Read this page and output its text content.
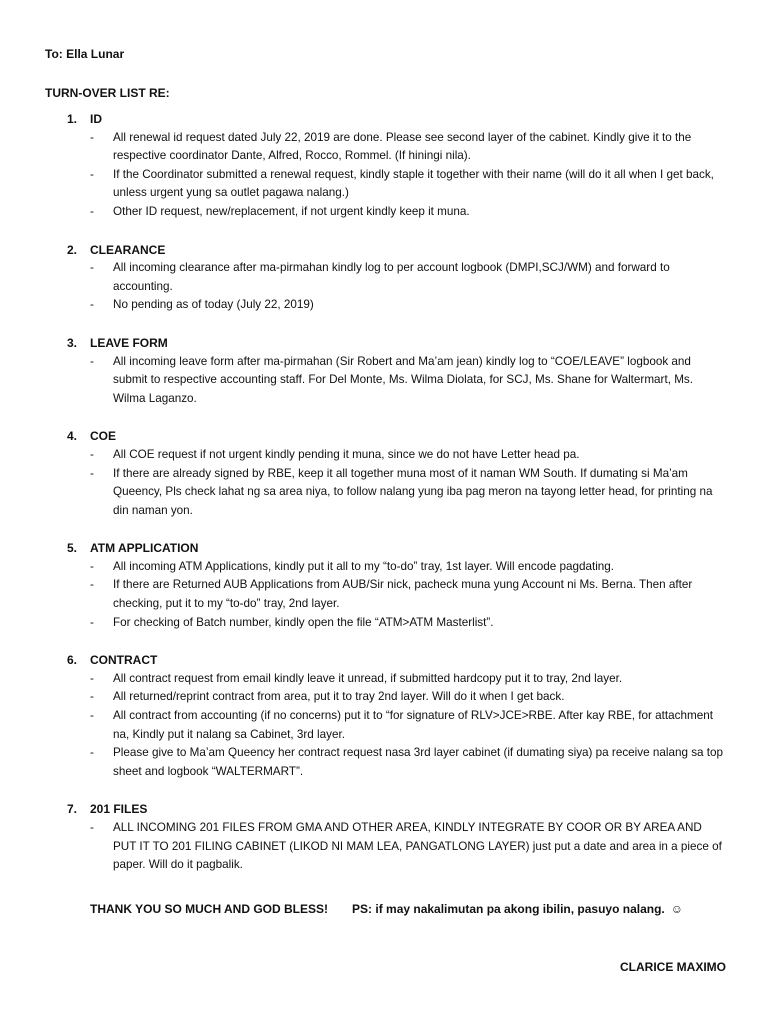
To: Ella Lunar
TURN-OVER LIST RE:
1.	ID
-	All renewal id request dated July 22, 2019 are done. Please see second layer of the cabinet. Kindly give it to the respective coordinator Dante, Alfred, Rocco, Rommel. (If hiningi nila).
-	If the Coordinator submitted a renewal request, kindly staple it together with their name (will do it all when I get back, unless urgent yung sa outlet pagawa nalang.)
-	Other ID request, new/replacement, if not urgent kindly keep it muna.
2.	CLEARANCE
-	All incoming clearance after ma-pirmahan kindly log to per account logbook (DMPI,SCJ/WM) and forward to accounting.
-	No pending as of today (July 22, 2019)
3.	LEAVE FORM
-	All incoming leave form after ma-pirmahan (Sir Robert and Ma’am jean) kindly log to “COE/LEAVE” logbook and submit to respective accounting staff. For Del Monte, Ms. Wilma Diolata, for SCJ, Ms. Shane for Waltermart, Ms. Wilma Laganzo.
4.	COE
-	All COE request if not urgent kindly pending it muna, since we do not have Letter head pa.
-	If there are already signed by RBE, keep it all together muna most of it naman WM South. If dumating si Ma’am Queency, Pls check lahat ng sa area niya, to follow nalang yung iba pag meron na tayong letter head, for printing na din naman yon.
5.	ATM APPLICATION
-	All incoming ATM Applications, kindly put it all to my “to-do” tray, 1st layer. Will encode pagdating.
-	If there are Returned AUB Applications from AUB/Sir nick, pacheck muna yung Account ni Ms. Berna. Then after checking, put it to my “to-do” tray, 2nd layer.
-	For checking of Batch number, kindly open the file “ATM>ATM Masterlist”.
6.	CONTRACT
-	All contract request from email kindly leave it unread, if submitted hardcopy put it to tray, 2nd layer.
-	All returned/reprint contract from area, put it to tray 2nd layer. Will do it when I get back.
-	All contract from accounting (if no concerns) put it to “for signature of RLV>JCE>RBE. After kay RBE, for attachment na, Kindly put it nalang sa Cabinet, 3rd layer.
-	Please give to Ma’am Queency her contract request nasa 3rd layer cabinet (if dumating siya) pa receive nalang sa top sheet and logbook “WALTERMART”.
7.	201 FILES
-	ALL INCOMING 201 FILES FROM GMA AND OTHER AREA, KINDLY INTEGRATE BY COOR OR BY AREA AND PUT IT TO 201 FILING CABINET (LIKOD NI MAM LEA, PANGATLONG LAYER) just put a date and area in a piece of paper. Will do it pagbalik.
THANK YOU SO MUCH AND GOD BLESS! PS: if may nakalimutan pa akong ibilin, pasuyo nalang. ☺
CLARICE MAXIMO
